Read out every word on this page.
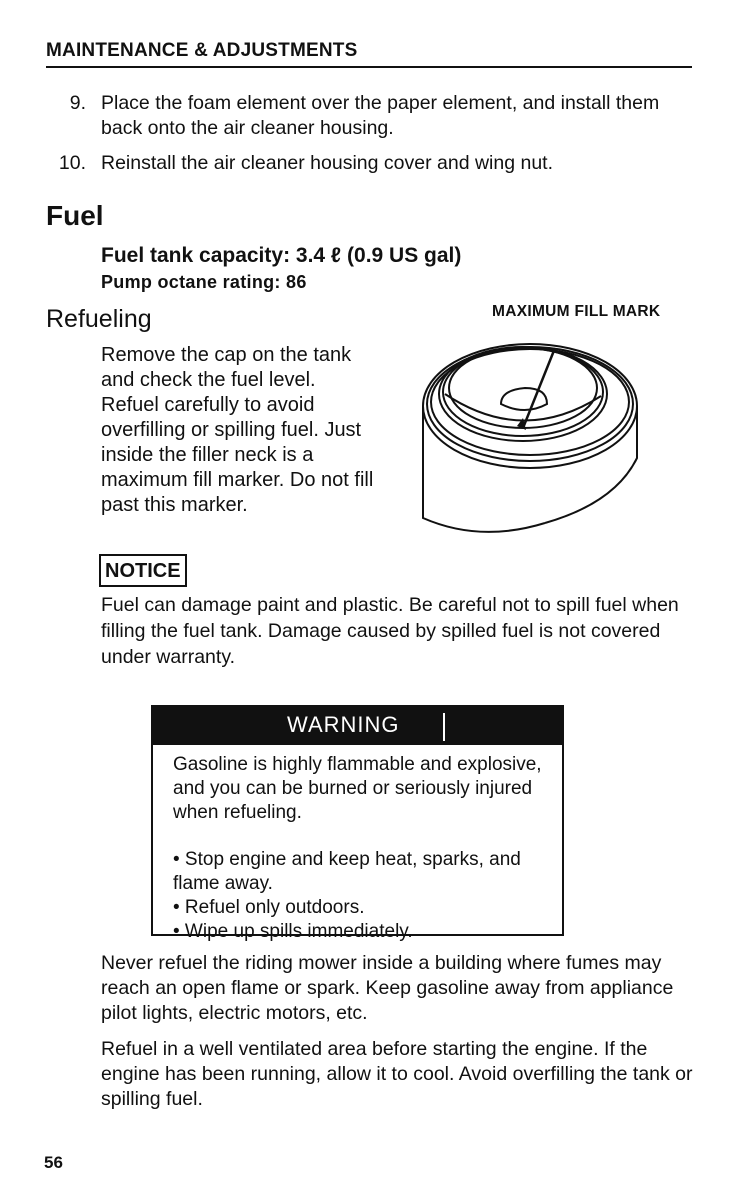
MAINTENANCE & ADJUSTMENTS
9. Place the foam element over the paper element, and install them back onto the air cleaner housing.
10. Reinstall the air cleaner housing cover and wing nut.
Fuel
Fuel tank capacity: 3.4 ℓ (0.9 US gal)
Pump octane rating: 86
Refueling	MAXIMUM FILL MARK
Remove the cap on the tank and check the fuel level. Refuel carefully to avoid overfilling or spilling fuel. Just inside the filler neck is a maximum fill marker. Do not fill past this marker.
NOTICE
Fuel can damage paint and plastic. Be careful not to spill fuel when filling the fuel tank. Damage caused by spilled fuel is not covered under warranty.
WARNING

Gasoline is highly flammable and explosive, and you can be burned or seriously injured when refueling.

• Stop engine and keep heat, sparks, and flame away.

• Refuel only outdoors.

• Wipe up spills immediately.

Never refuel the riding mower inside a building where fumes may reach an open flame or spark. Keep gasoline away from appliance pilot lights, electric motors, etc.
Refuel in a well ventilated area before starting the engine. If the engine has been running, allow it to cool. Avoid overfilling the tank or spilling fuel.
56
